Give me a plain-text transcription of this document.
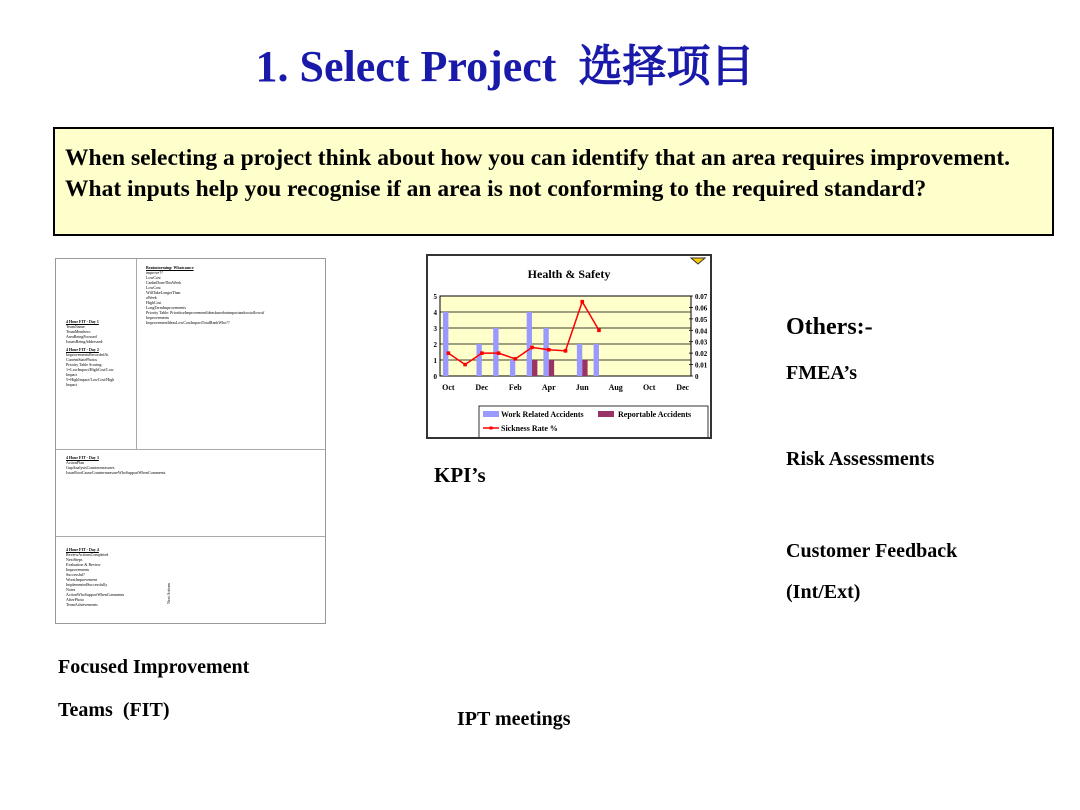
1. Select Project 选择项目
When selecting a project think about how you can identify that an area requires improvement. What inputs help you recognise if an area is not conforming to the required standard?
Brainstorming: Whatcanwe
improve??
LowCost
CanbeDoneThisWeek
LowCost
WillTakeLongerThan
aWeek
HighCost
LongTermImprovements
Priority Table: PrioritiseImprovementIdeasbasedonimpactandcostoflowstf
Improvements
ImprovementIdeasLowCostImpactTotalRankWho??
4 Hour FIT - Day 1
TeamName:
TeamMembers:
AreaBeingFocused
IssuesBeingAddressed:
4 Hour FIT - Day 2
ImprovementsRecordedAt
CurrentStatePhotos
Priority Table Scoring:
1=LowImpact/HighCost/Low
Impact
5=HighImpact/LowCost/High
Impact
4 Hour FIT - Day 3
ActionPlan
GapAnalysisCountermeasures
IssueRootCauseCountermeasureWhoSupportWhenComments
4 Hour FIT - Day 4
ReviewActionsCompleted
NextSteps
Evaluation & Review
Improvements
Successful?
WorstImprovement
ImplementedSuccessfully
Notes
ActionWhoSupportWhenComments
AfterPhoto
TeamAchievements
Next Actions
Health & Safety
0
1
2
3
4
5
0
0.01
0.02
0.03
0.04
0.05
0.06
0.07
Oct	Dec	Feb	Apr	Jun Aug	Oct	Dec
Work Related Accidents	Reportable Accidents
Sickness Rate %
KPI’s
Others:-
FMEA’s
Risk Assessments
Customer Feedback
(Int/Ext)
Focused Improvement
Teams  (FIT)	IPT meetings
